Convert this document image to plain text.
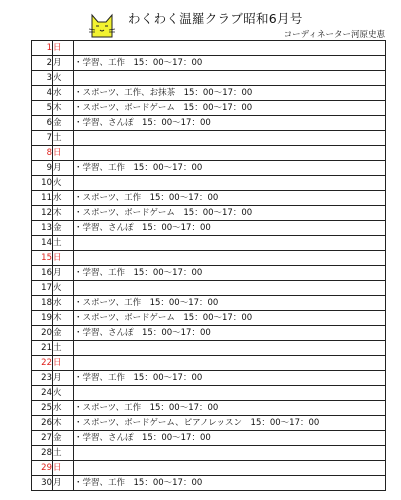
わくわく温羅クラブ昭和6月号
コーディネーター河原史恵
1	日	
2	月	・学習、工作　15：00〜17：00
3	火	
4	水	・スポーツ、工作、お抹茶　15：00〜17：00
5	木	・スポーツ、ボードゲーム　15：00〜17：00
6	金	・学習、さんぽ　15：00〜17：00
7	土	
8	日	
9	月	・学習、工作　15：00〜17：00
10	火	
11	水	・スポーツ、工作　15：00〜17：00
12	木	・スポーツ、ボードゲーム　15：00〜17：00
13	金	・学習、さんぽ　15：00〜17：00
14	土	
15	日	
16	月	・学習、工作　15：00〜17：00
17	火	
18	水	・スポーツ、工作　15：00〜17：00
19	木	・スポーツ、ボードゲーム　15：00〜17：00
20	金	・学習、さんぽ　15：00〜17：00
21	土	
22	日	
23	月	・学習、工作　15：00〜17：00
24	火	
25	水	・スポーツ、工作　15：00〜17：00
26	木	・スポーツ、ボードゲーム、ピアノレッスン　15：00〜17：00
27	金	・学習、さんぽ　15：00〜17：00
28	土	
29	日	
30	月	・学習、工作　15：00〜17：00
